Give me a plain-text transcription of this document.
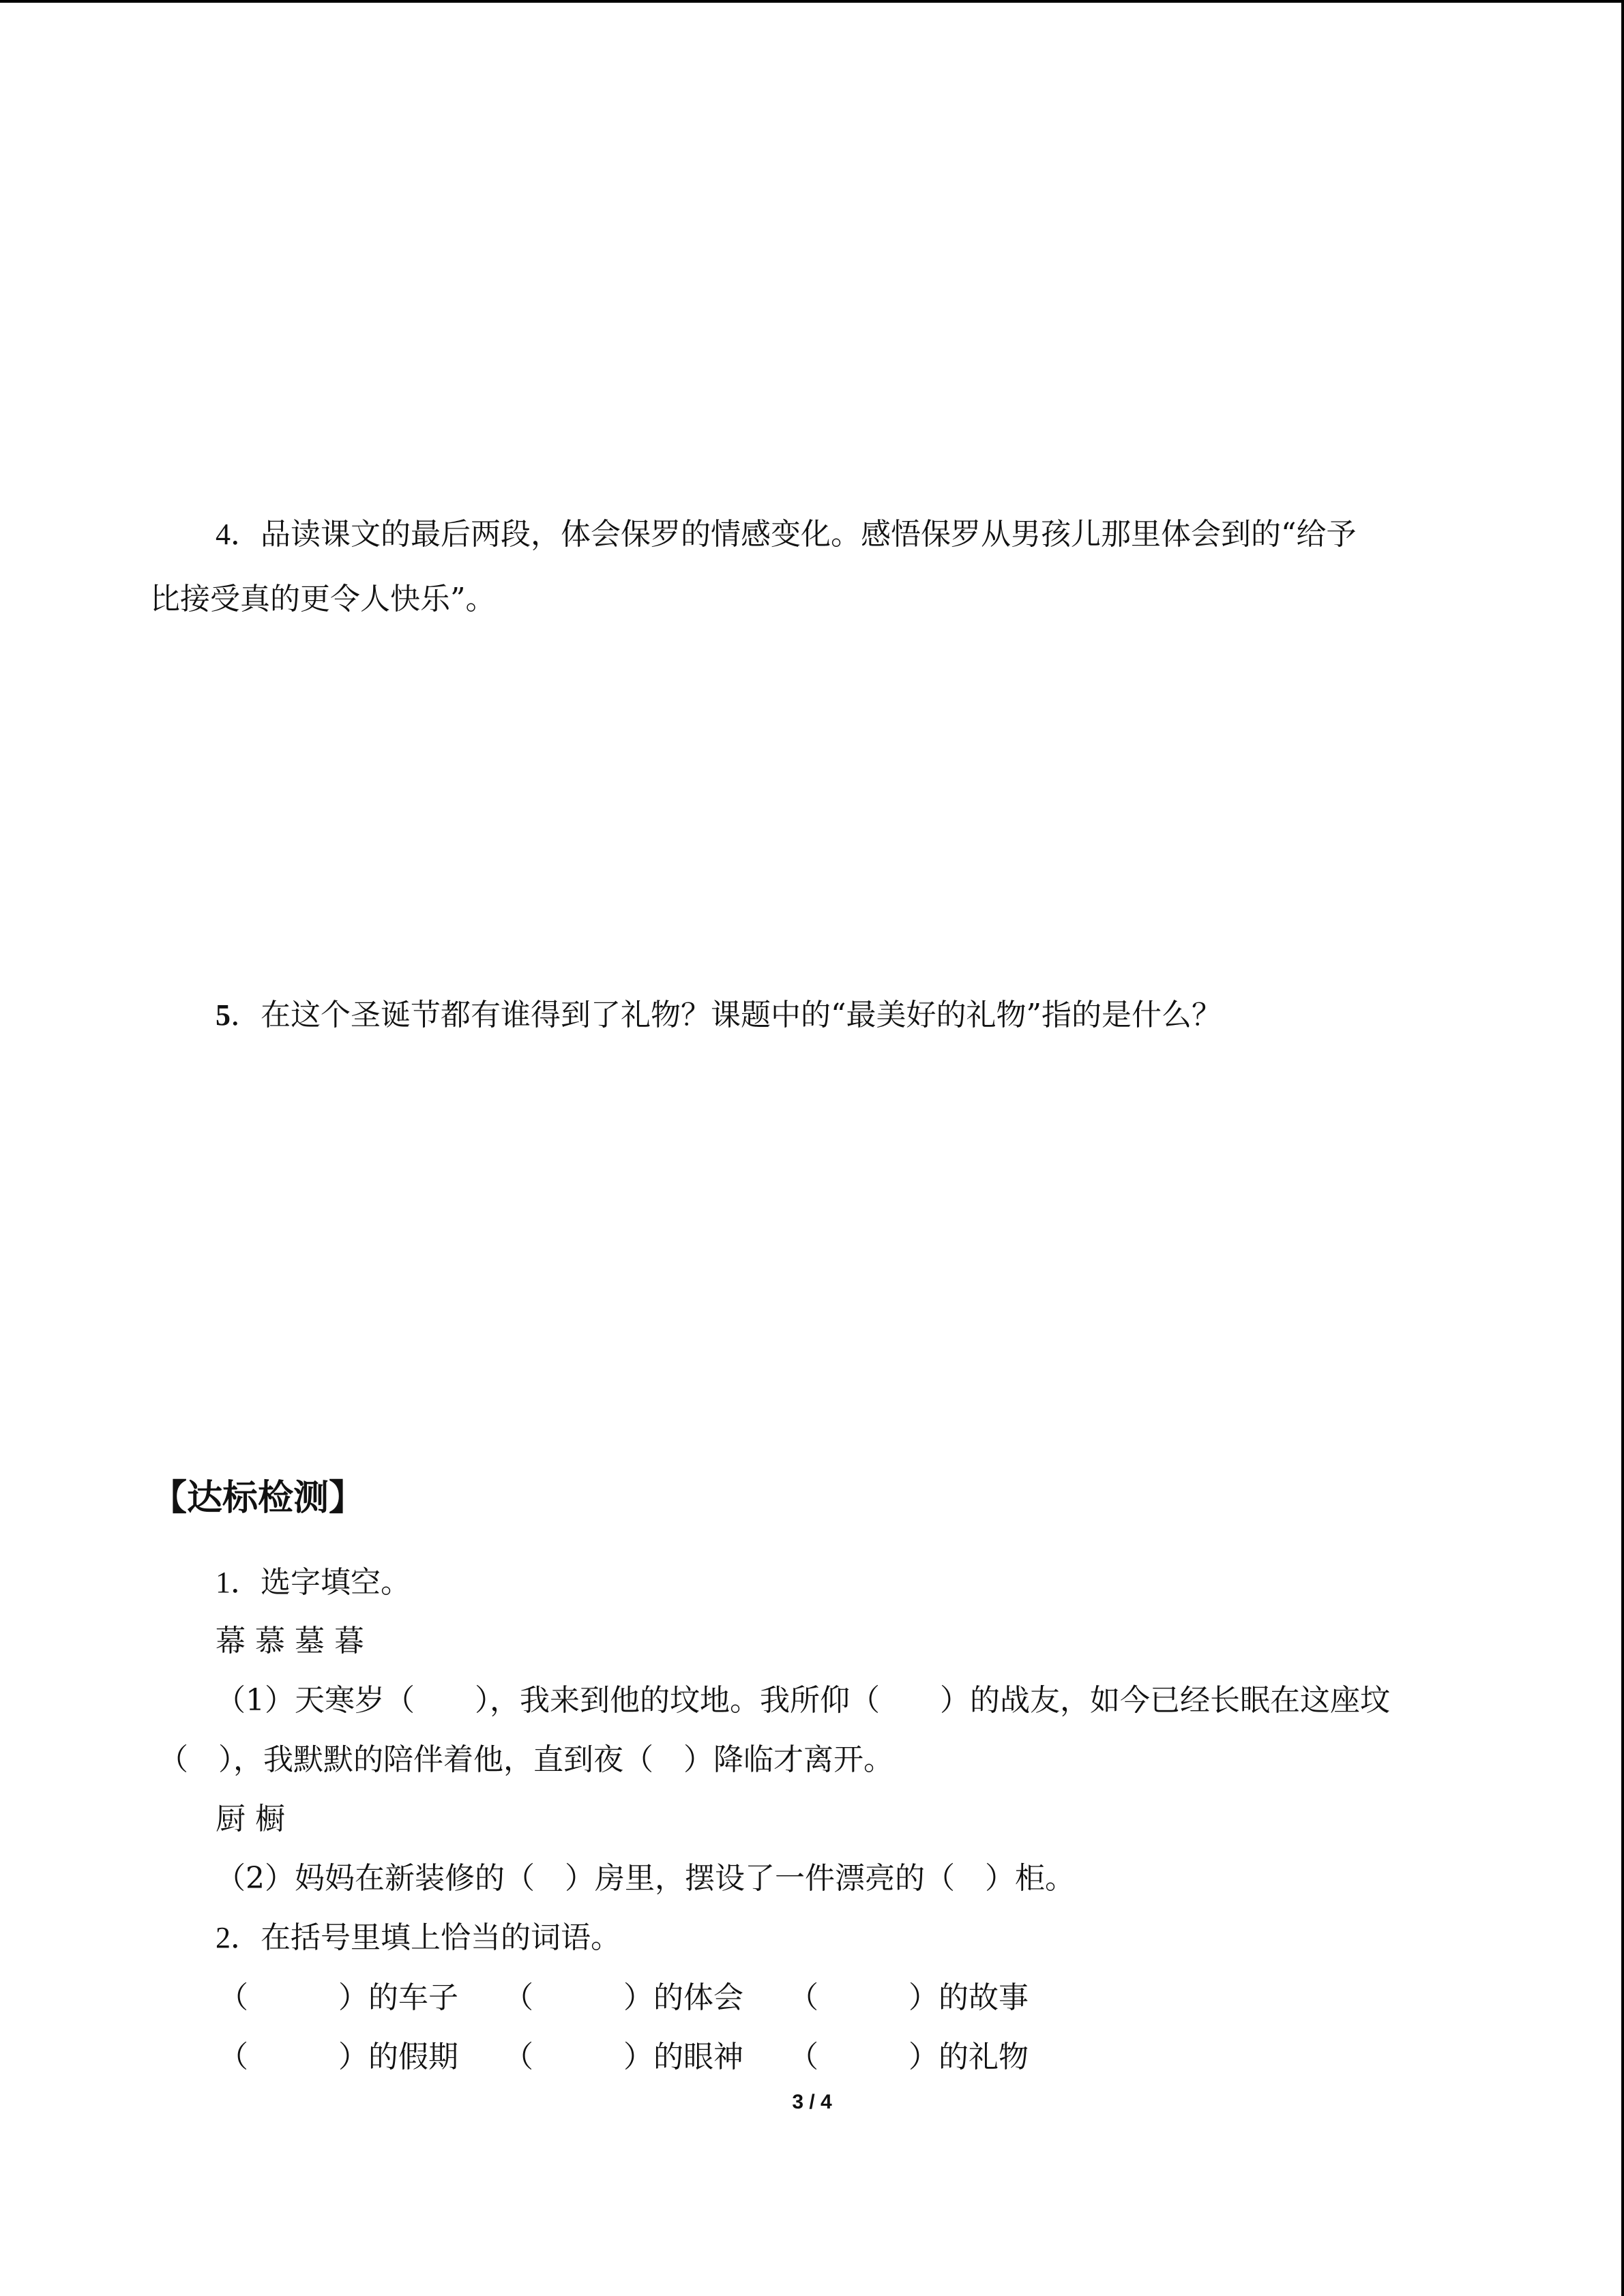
4．品读课文的最后两段，体会保罗的情感变化。感悟保罗从男孩儿那里体会到的“给予

比接受真的更令人快乐”。

5．在这个圣诞节都有谁得到了礼物？课题中的“最美好的礼物”指的是什么？

【达标检测】

1．选字填空。

幕 慕 墓 暮

（1）天寒岁（　　），我来到他的坟地。我所仰（　　）的战友，如今已经长眠在这座坟

（　），我默默的陪伴着他，直到夜（　）降临才离开。

厨 橱

（2）妈妈在新装修的（　）房里，摆设了一件漂亮的（　）柜。

2．在括号里填上恰当的词语。

（　　　）的车子　　（　　　）的体会　　（　　　）的故事

（　　　）的假期　　（　　　）的眼神　　（　　　）的礼物

3 / 4
